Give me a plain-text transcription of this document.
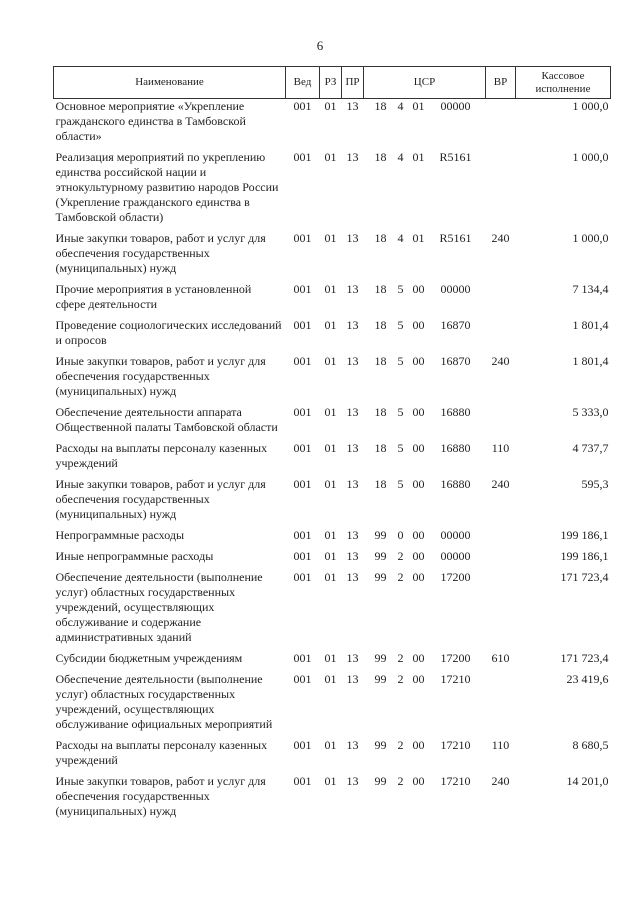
6
Наименование	Вед	РЗ	ПР	ЦСР	ВР	Кассовое исполнение
Основное мероприятие «Укрепление гражданского единства в Тамбовской области»	001	01	13	18 4 01 00000		1 000,0
Реализация мероприятий по укреплению единства российской нации и этнокультурному развитию народов России (Укрепление гражданского единства в Тамбовской области)	001	01	13	18 4 01 R5161		1 000,0
Иные закупки товаров, работ и услуг для обеспечения государственных (муниципальных) нужд	001	01	13	18 4 01 R5161	240	1 000,0
Прочие мероприятия в установленной сфере деятельности	001	01	13	18 5 00 00000		7 134,4
Проведение социологических исследований и опросов	001	01	13	18 5 00 16870		1 801,4
Иные закупки товаров, работ и услуг для обеспечения государственных (муниципальных) нужд	001	01	13	18 5 00 16870	240	1 801,4
Обеспечение деятельности аппарата Общественной палаты Тамбовской области	001	01	13	18 5 00 16880		5 333,0
Расходы на выплаты персоналу казенных учреждений	001	01	13	18 5 00 16880	110	4 737,7
Иные закупки товаров, работ и услуг для обеспечения государственных (муниципальных) нужд	001	01	13	18 5 00 16880	240	595,3
Непрограммные расходы	001	01	13	99 0 00 00000		199 186,1
Иные непрограммные расходы	001	01	13	99 2 00 00000		199 186,1
Обеспечение деятельности (выполнение услуг) областных государственных учреждений, осуществляющих обслуживание и содержание административных зданий	001	01	13	99 2 00 17200		171 723,4
Субсидии бюджетным учреждениям	001	01	13	99 2 00 17200	610	171 723,4
Обеспечение деятельности (выполнение услуг) областных государственных учреждений, осуществляющих обслуживание официальных мероприятий	001	01	13	99 2 00 17210		23 419,6
Расходы на выплаты персоналу казенных учреждений	001	01	13	99 2 00 17210	110	8 680,5
Иные закупки товаров, работ и услуг для обеспечения государственных (муниципальных) нужд	001	01	13	99 2 00 17210	240	14 201,0
